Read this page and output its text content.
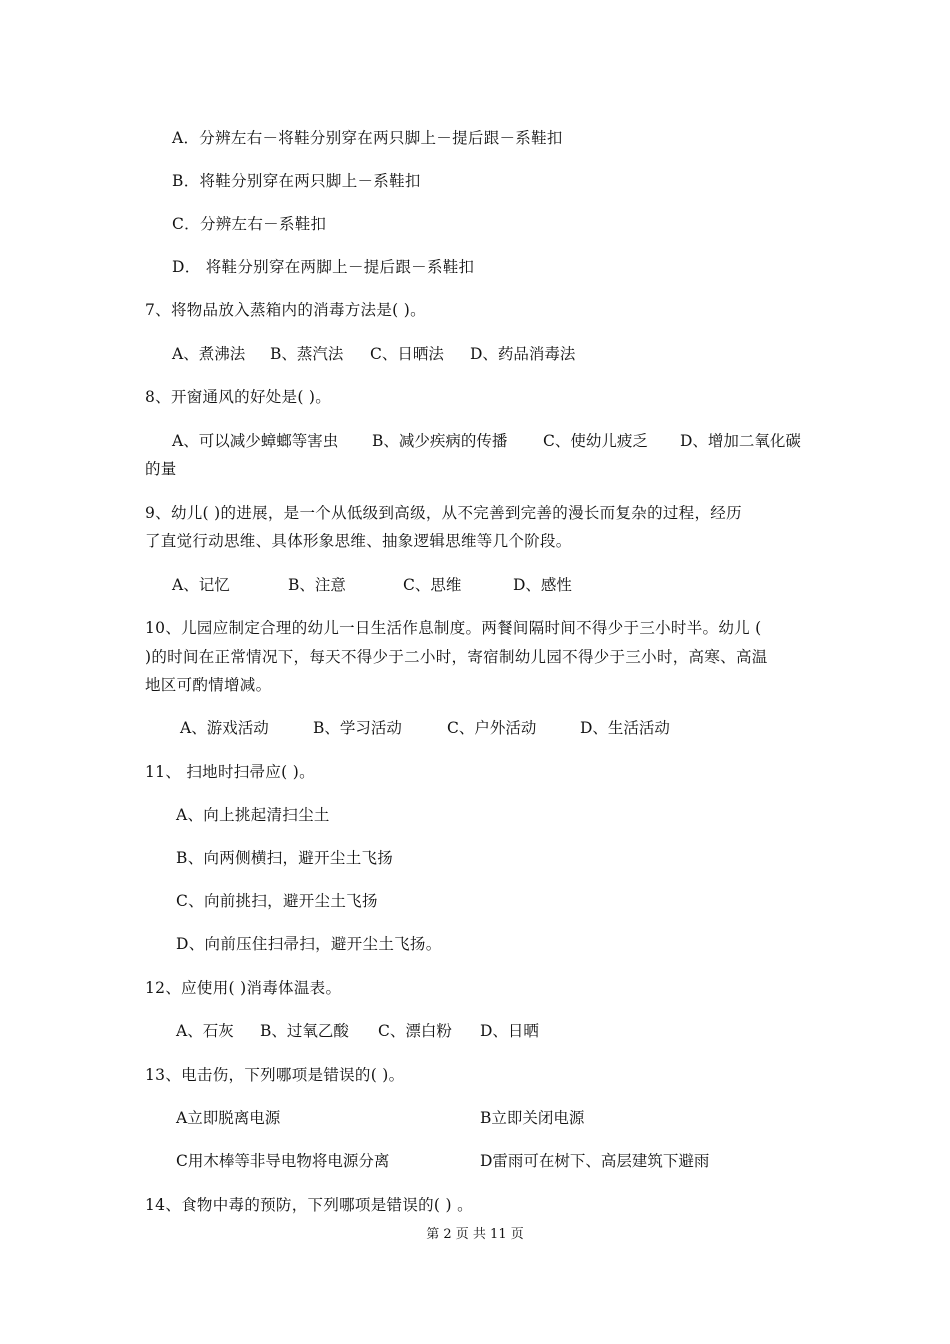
A．分辨左右－将鞋分别穿在两只脚上－提后跟－系鞋扣
B．将鞋分别穿在两只脚上－系鞋扣
C．分辨左右－系鞋扣
D． 将鞋分别穿在两脚上－提后跟－系鞋扣
7、将物品放入蒸箱内的消毒方法是( )。
A、煮沸法 B、蒸汽法 C、日晒法 D、药品消毒法
8、开窗通风的好处是( )。
A、可以减少蟑螂等害虫 B、减少疾病的传播 C、使幼儿疲乏 D、增加二氧化碳
的量
9、幼儿( )的进展，是一个从低级到高级，从不完善到完善的漫长而复杂的过程，经历
了直觉行动思维、具体形象思维、抽象逻辑思维等几个阶段。
A、记忆	B、注意	C、思维	D、感性
10、儿园应制定合理的幼儿一日生活作息制度。两餐间隔时间不得少于三小时半。幼儿 (
)的时间在正常情况下，每天不得少于二小时，寄宿制幼儿园不得少于三小时，高寒、高温
地区可酌情增减。
A、游戏活动	B、学习活动	C、户外活动	D、生活活动
11、 扫地时扫帚应( )。
A、向上挑起清扫尘土
B、向两侧横扫，避开尘土飞扬
C、向前挑扫，避开尘土飞扬
D、向前压住扫帚扫，避开尘土飞扬。
12、应使用( )消毒体温表。
A、石灰 B、过氧乙酸 C、漂白粉 D、日晒
13、电击伤，下列哪项是错误的( )。
A立即脱离电源	B立即关闭电源
C用木棒等非导电物将电源分离	D雷雨可在树下、高层建筑下避雨
14、食物中毒的预防，下列哪项是错误的( ) 。
第 2 页 共 11 页
